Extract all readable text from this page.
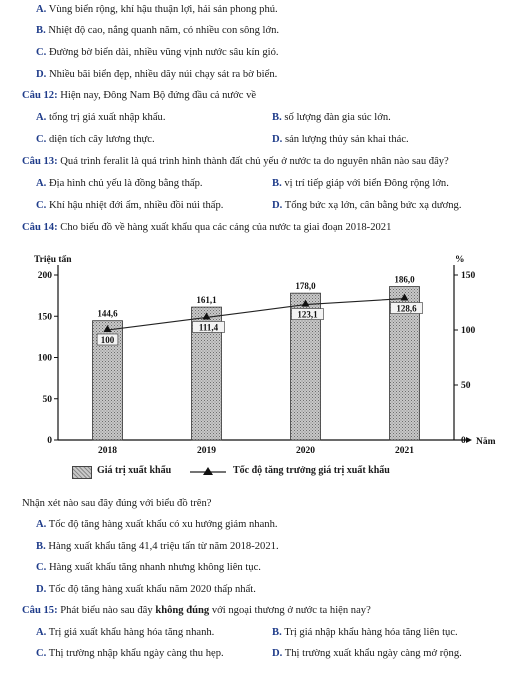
A. Vùng biển rộng, khí hậu thuận lợi, hải sản phong phú.
B. Nhiệt độ cao, nắng quanh năm, có nhiều con sông lớn.
C. Đường bờ biển dài, nhiều vũng vịnh nước sâu kín gió.
D. Nhiều bãi biển đẹp, nhiều dãy núi chạy sát ra bờ biển.
Câu 12: Hiện nay, Đông Nam Bộ đứng đầu cả nước về
A. tổng trị giá xuất nhập khẩu.	B. số lượng đàn gia súc lớn.
C. diện tích cây lương thực.	D. sản lượng thủy sản khai thác.
Câu 13: Quá trình feralit là quá trình hình thành đất chủ yếu ở nước ta do nguyên nhân nào sau đây?
A. Địa hình chủ yếu là đồng bằng thấp.	B. vị trí tiếp giáp với biển Đông rộng lớn.
C. Khí hậu nhiệt đới ẩm, nhiều đồi núi thấp.	D. Tổng bức xạ lớn, cân bằng bức xạ dương.
Câu 14: Cho biểu đồ về hàng xuất khẩu qua các cảng của nước ta giai đoạn 2018-2021
Triệu tấn	%
Năm
200
150
100
50
0
150
100
50
0
2018
144,6
2019
161,1
2020
178,0
2021
186,0
100
111,4
123,1
128,6
Giá trị xuất khẩu	Tốc độ tăng trưởng giá trị xuất khẩu
Nhận xét nào sau đây đúng với biểu đồ trên?
A. Tốc độ tăng hàng xuất khẩu có xu hướng giảm nhanh.
B. Hàng xuất khẩu tăng 41,4 triệu tấn từ năm 2018-2021.
C. Hàng xuất khẩu tăng nhanh nhưng không liên tục.
D. Tốc độ tăng hàng xuất khẩu năm 2020 thấp nhất.
Câu 15: Phát biểu nào sau đây không đúng với ngoại thương ở nước ta hiện nay?
A. Trị giá xuất khẩu hàng hóa tăng nhanh.	B. Trị giá nhập khẩu hàng hóa tăng liên tục.
C. Thị trường nhập khẩu ngày càng thu hẹp.	D. Thị trường xuất khẩu ngày càng mở rộng.
